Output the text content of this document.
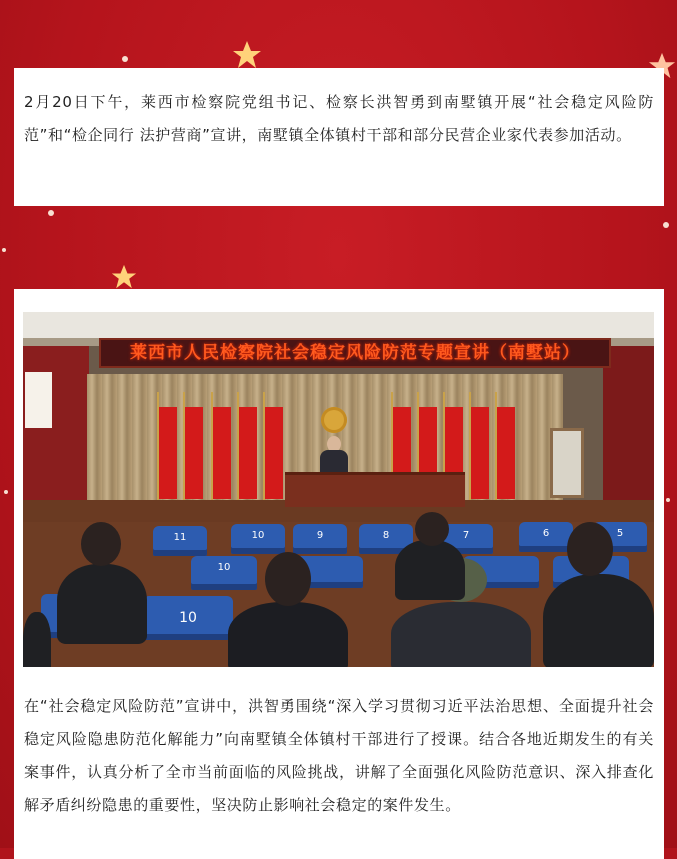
2月20日下午，莱西市检察院党组书记、检察长洪智勇到南墅镇开展“社会稳定风险防范”和“检企同行 法护营商”宣讲，南墅镇全体镇村干部和部分民营企业家代表参加活动。

莱西市人民检察院社会稳定风险防范专题宣讲（南墅站）
11	10	9	8	7	6	5
10
10

在“社会稳定风险防范”宣讲中，洪智勇围绕“深入学习贯彻习近平法治思想、全面提升社会稳定风险隐患防范化解能力”向南墅镇全体镇村干部进行了授课。结合各地近期发生的有关案事件，认真分析了全市当前面临的风险挑战，讲解了全面强化风险防范意识、深入排查化解矛盾纠纷隐患的重要性，坚决防止影响社会稳定的案件发生。
